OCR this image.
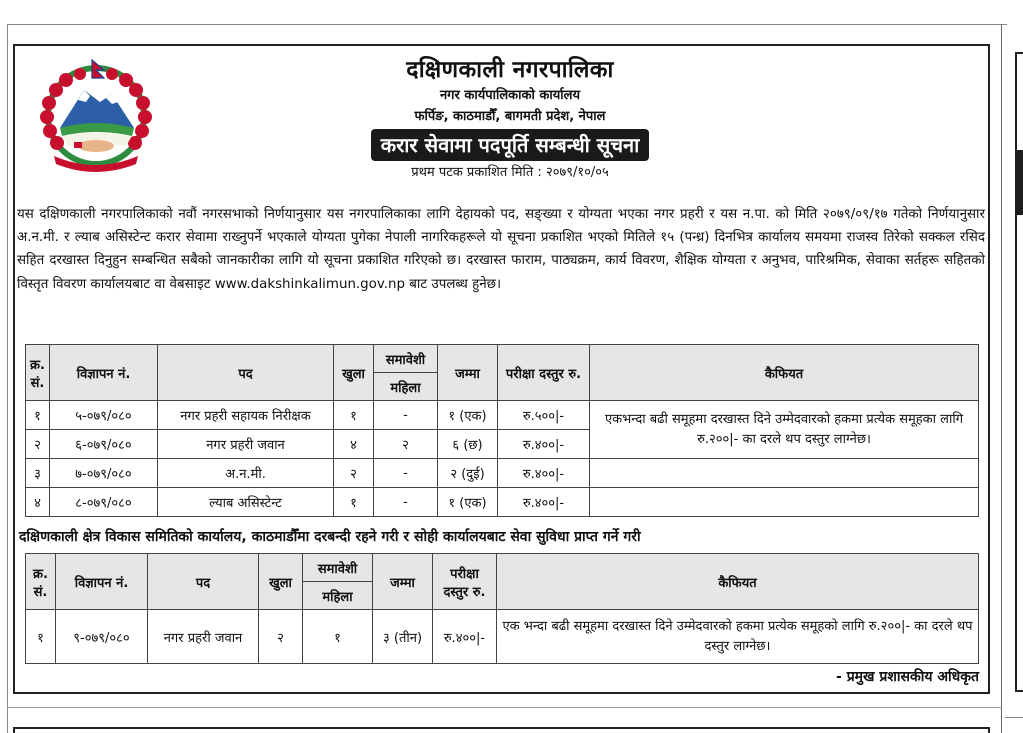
दक्षिणकाली नगरपालिका
नगर कार्यपालिकाको कार्यालय
फर्पिङ, काठमाडौँ, बागमती प्रदेश, नेपाल
करार सेवामा पदपूर्ति सम्बन्धी सूचना
प्रथम पटक प्रकाशित मिति : २०७९/१०/०५
यस दक्षिणकाली नगरपालिकाको नवौं नगरसभाको निर्णयानुसार यस नगरपालिकाका लागि देहायको पद, सङ्ख्या र योग्यता भएका नगर प्रहरी र यस न.पा. को मिति २०७९/०९/१७ गतेको निर्णयानुसार अ.न.मी. र ल्याब असिस्टेन्ट करार सेवामा राख्नुपर्ने भएकाले योग्यता पुगेका नेपाली नागरिकहरूले यो सूचना प्रकाशित भएको मितिले १५ (पन्ध्र) दिनभित्र कार्यालय समयमा राजस्व तिरेको सक्कल रसिद सहित दरखास्त दिनुहुन सम्बन्धित सबैको जानकारीका लागि यो सूचना प्रकाशित गरिएको छ। दरखास्त फाराम, पाठ्यक्रम, कार्य विवरण, शैक्षिक योग्यता र अनुभव, पारिश्रमिक, सेवाका सर्तहरू सहितको विस्तृत विवरण कार्यालयबाट वा वेबसाइट www.dakshinkalimun.gov.np बाट उपलब्ध हुनेछ।
क्र. सं.	विज्ञापन नं.	पद	खुला	समावेशी	जम्मा	परीक्षा दस्तुर रु.	कैफियत
				महिला			
१	५-०७९/०८०	नगर प्रहरी सहायक निरीक्षक	१	-	१ (एक)	रु.५००|-	एकभन्दा बढी समूहमा दरखास्त दिने उम्मेदवारको हकमा प्रत्येक समूहका लागि रु.२००|- का दरले थप दस्तुर लाग्नेछ।
२	६-०७९/०८०	नगर प्रहरी जवान	४	२	६ (छ)	रु.४००|-	
३	७-०७९/०८०	अ.न.मी.	२	-	२ (दुई)	रु.४००|-	
४	८-०७९/०८०	ल्याब असिस्टेन्ट	१	-	१ (एक)	रु.४००|-	
दक्षिणकाली क्षेत्र विकास समितिको कार्यालय, काठमाडौँमा दरबन्दी रहने गरी र सोही कार्यालयबाट सेवा सुविधा प्राप्त गर्ने गरी
क्र. सं.	विज्ञापन नं.	पद	खुला	समावेशी	जम्मा	परीक्षा दस्तुर रु.	कैफियत
				महिला			
१	९-०७९/०८०	नगर प्रहरी जवान	२	१	३ (तीन)	रु.४००|-	एक भन्दा बढी समूहमा दरखास्त दिने उम्मेदवारको हकमा प्रत्येक समूहको लागि रु.२००|- का दरले थप दस्तुर लाग्नेछ।
- प्रमुख प्रशासकीय अधिकृत
